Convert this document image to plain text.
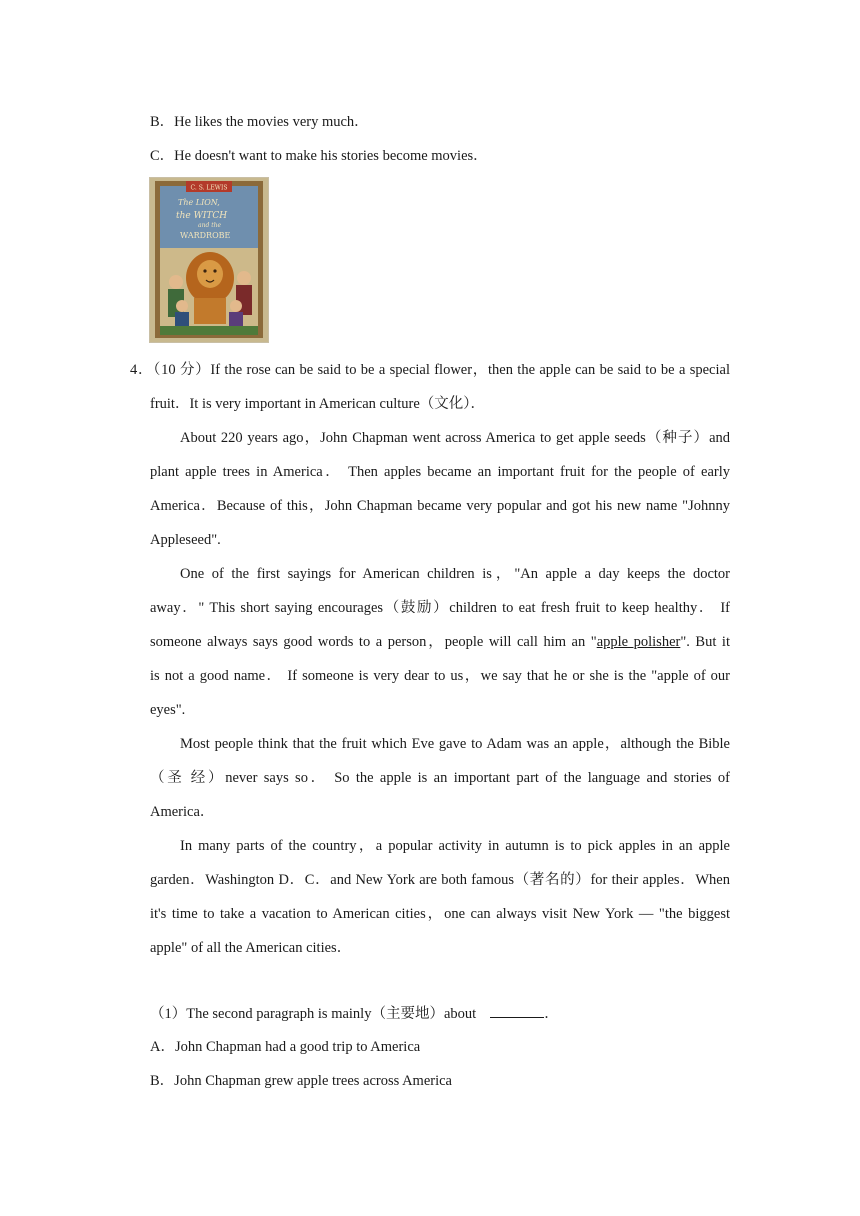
B．He likes the movies very much．
C．He doesn't want to make his stories become movies．
C. S. LEWIS
The LION,
the WITCH
and the
WARDROBE
4．（10 分）If the rose can be said to be a special flower，then the apple can be said to be a special
fruit．It is very important in American culture（文化）．
About 220 years ago，John Chapman went across America to get apple seeds（种子）and
plant apple trees in America． Then apples became an important fruit for the people of early
America．Because of this，John Chapman became very popular and got his new name "Johnny
Appleseed".
One of the first sayings for American children is，"An apple a day keeps the doctor
away．" This short saying encourages（鼓励）children to eat fresh fruit to keep healthy． If
someone always says good words to a person，people will call him an "apple polisher". But it
is not a good name． If someone is very dear to us，we say that he or she is the "apple of our
eyes".
Most people think that the fruit which Eve gave to Adam was an apple，although the Bible
（圣 经）never says so． So the apple is an important part of the language and stories of
America．
In many parts of the country，a popular activity in autumn is to pick apples in an apple
garden．Washington D．C．and New York are both famous（著名的）for their apples．When
it's time to take a vacation to American cities，one can always visit New York — "the biggest
apple" of all the American cities．
（1）The second paragraph is mainly（主要地）about	．
A．John Chapman had a good trip to America
B．John Chapman grew apple trees across America
